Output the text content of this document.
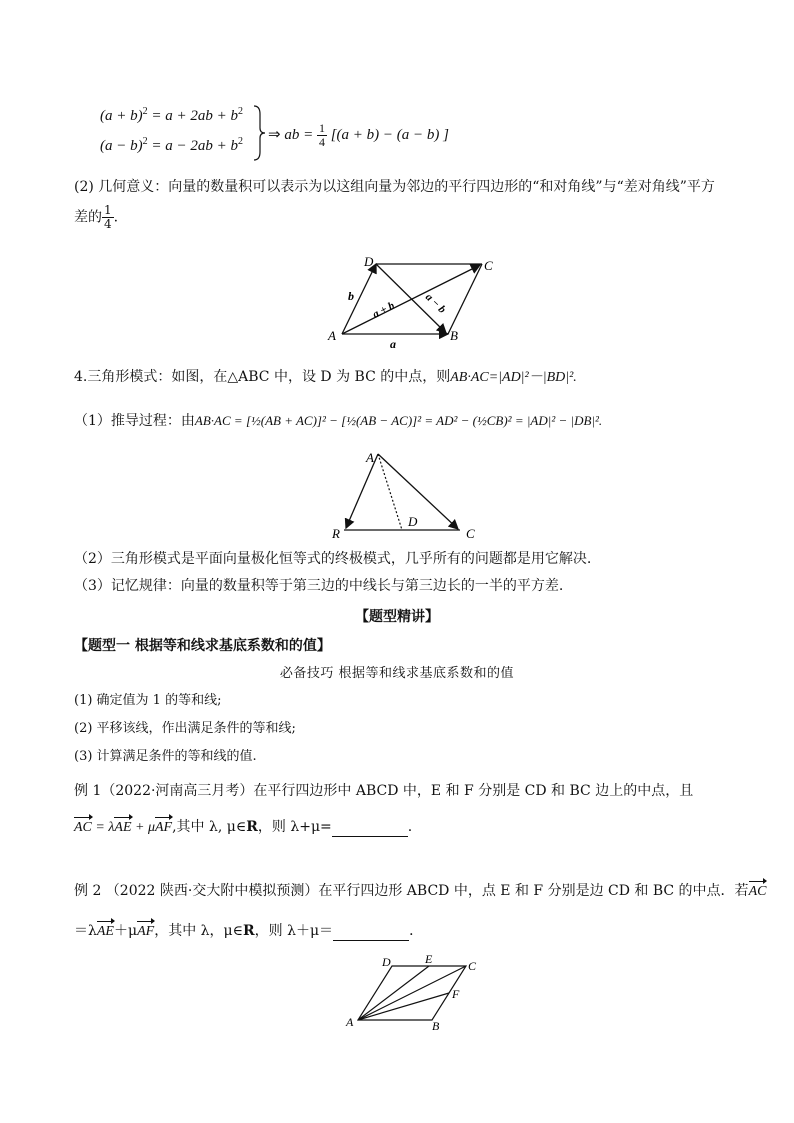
$(a + b)^2 = a + 2ab + b^2$
$(a - b)^2 = a - 2ab + b^2$ ⇒ ab = $\frac{1}{4} [(a + b) - (a - b)$ ]
(2) 几何意义：向量的数量积可以表示为以这组向量为邻边的平行四边形的“和对角线”与“差对角线”平方
差的 $\frac{1}{4}$ .
A	B
D	C
a
b
a + b a − b
4.三角形模式：如图，在△ABC 中，设 D 为 BC 的中点，则AB·AC=|AD|²－|BD|².
（1）推导过程：由AB·AC = [½(AB + AC)]² − [½(AB − AC)]² = AD² − (½CB)² = |AD|² − |DB|².
A
R	C
D
（2）三角形模式是平面向量极化恒等式的终极模式，几乎所有的问题都是用它解决.
（3）记忆规律：向量的数量积等于第三边的中线长与第三边长的一半的平方差.
【题型精讲】
【题型一 根据等和线求基底系数和的值】
必备技巧 根据等和线求基底系数和的值
(1) 确定值为 1 的等和线;
(2) 平移该线，作出满足条件的等和线;
(3) 计算满足条件的等和线的值.
例 1（2022·河南高三月考）在平行四边形中 ABCD 中，E 和 F 分别是 CD 和 BC 边上的中点，且
AC = λAE + μAF,其中 λ, μ∈R，则 λ+μ=	.
例 2 （2022 陕西·交大附中模拟预测）在平行四边形 ABCD 中，点 E 和 F 分别是边 CD 和 BC 的中点．若AC
＝λAE＋μAF，其中 λ，μ∈R，则 λ＋μ＝	．
A	B
C
D	E
F
